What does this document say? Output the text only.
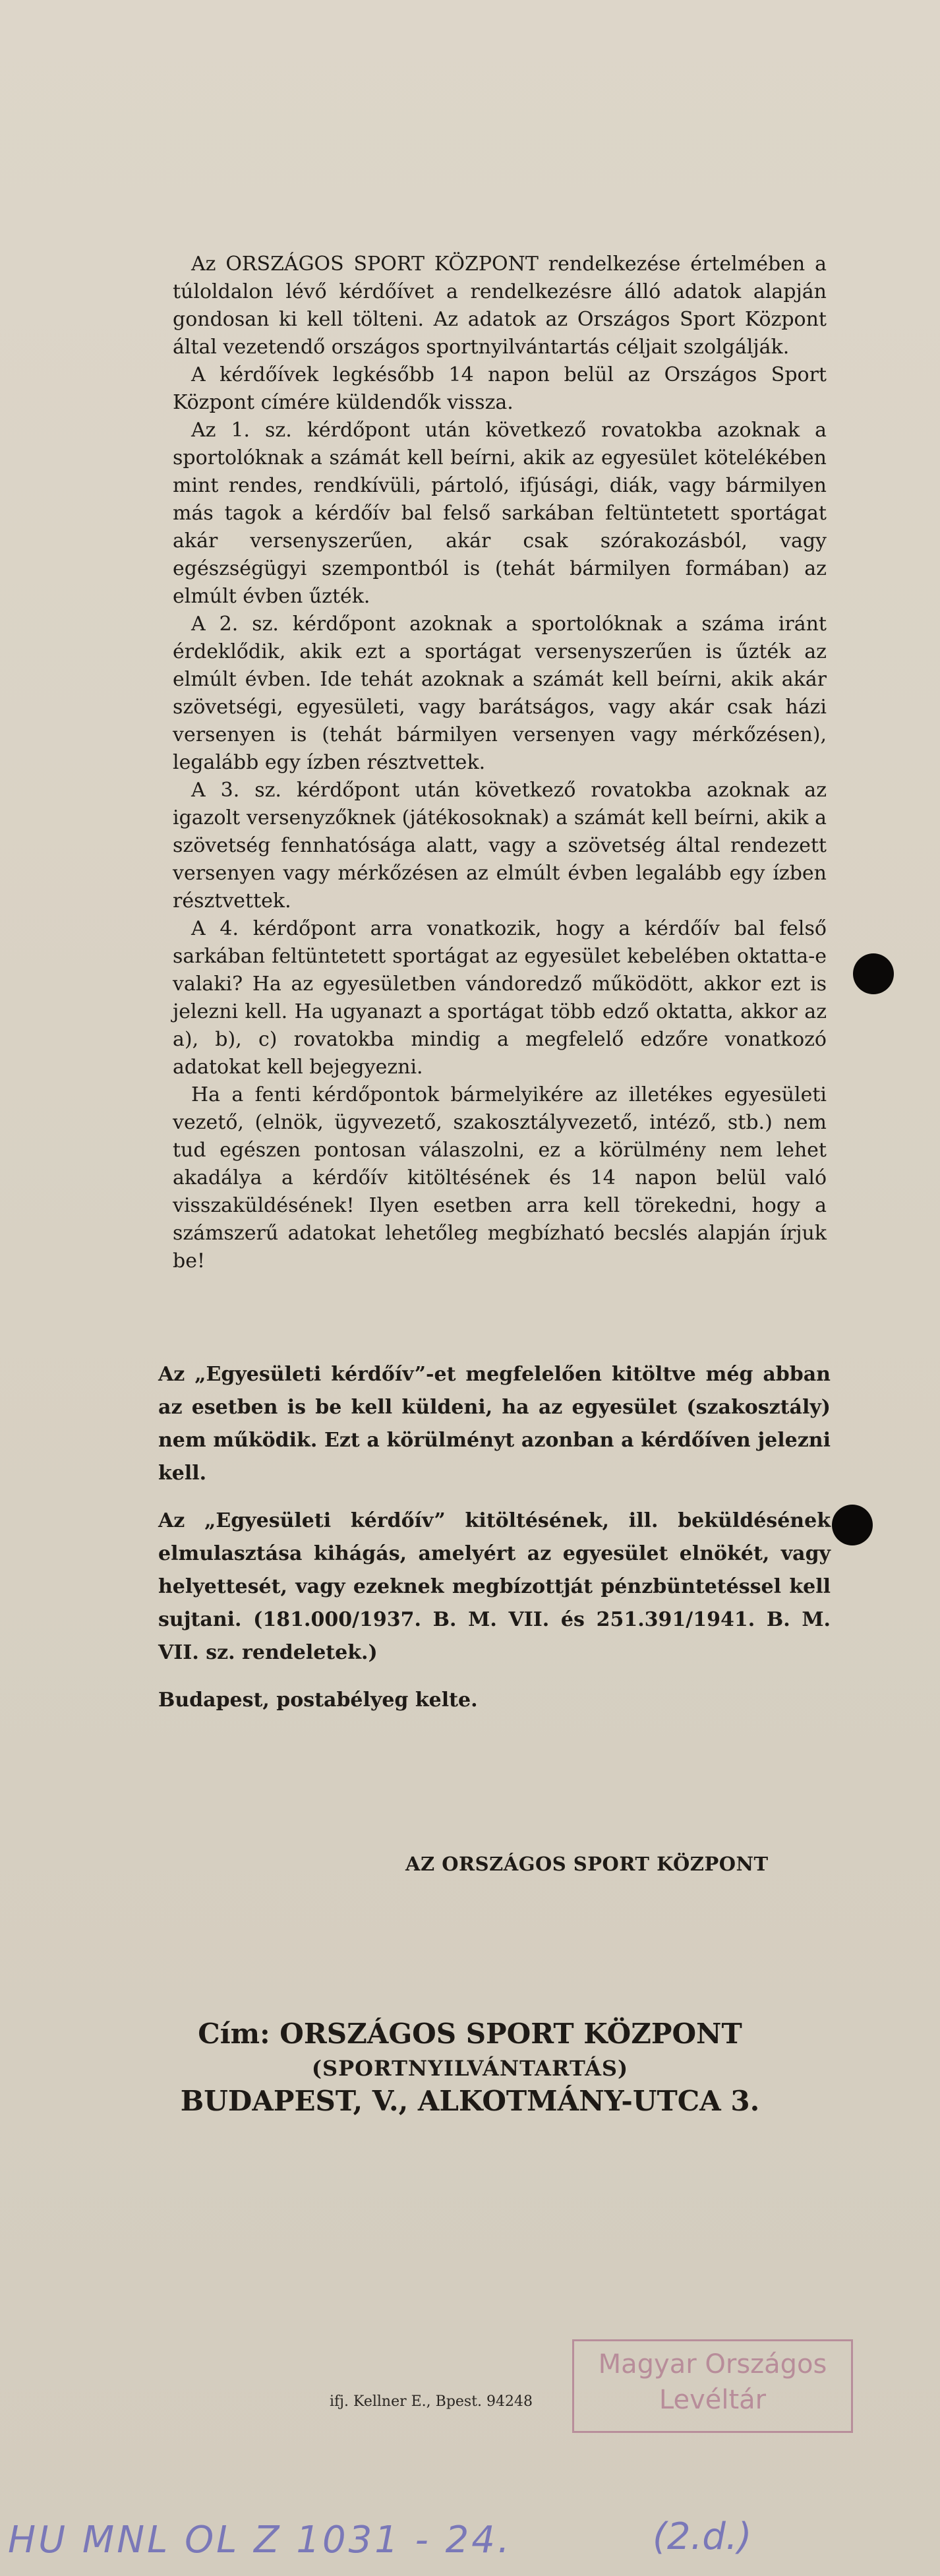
Az ORSZÁGOS SPORT KÖZPONT rendelkezése értelmében a túloldalon lévő kérdőívet a rendelkezésre álló adatok alapján gondosan ki kell tölteni. Az adatok az Országos Sport Központ által vezetendő országos sportnyilvántartás céljait szolgálják.

A kérdőívek legkésőbb 14 napon belül az Országos Sport Központ címére küldendők vissza.

Az 1. sz. kérdőpont után következő rovatokba azoknak a sportolóknak a számát kell beírni, akik az egyesület kötelékében mint rendes, rendkívüli, pártoló, ifjúsági, diák, vagy bármilyen más tagok a kérdőív bal felső sarkában feltüntetett sportágat akár versenyszerűen, akár csak szórakozásból, vagy egészségügyi szempontból is (tehát bármilyen formában) az elmúlt évben űzték.

A 2. sz. kérdőpont azoknak a sportolóknak a száma iránt érdeklődik, akik ezt a sportágat versenyszerűen is űzték az elmúlt évben. Ide tehát azoknak a számát kell beírni, akik akár szövetségi, egyesületi, vagy barátságos, vagy akár csak házi versenyen is (tehát bármilyen versenyen vagy mérkőzésen), legalább egy ízben résztvettek.

A 3. sz. kérdőpont után következő rovatokba azoknak az igazolt versenyzőknek (játékosoknak) a számát kell beírni, akik a szövetség fennhatósága alatt, vagy a szövetség által rendezett versenyen vagy mérkőzésen az elmúlt évben legalább egy ízben résztvettek.

A 4. kérdőpont arra vonatkozik, hogy a kérdőív bal felső sarkában feltüntetett sportágat az egyesület kebelében oktatta-e valaki? Ha az egyesületben vándoredző működött, akkor ezt is jelezni kell. Ha ugyanazt a sportágat több edző oktatta, akkor az a), b), c) rovatokba mindig a megfelelő edzőre vonatkozó adatokat kell bejegyezni.

Ha a fenti kérdőpontok bármelyikére az illetékes egyesületi vezető, (elnök, ügyvezető, szakosztályvezető, intéző, stb.) nem tud egészen pontosan válaszolni, ez a körülmény nem lehet akadálya a kérdőív kitöltésének és 14 napon belül való visszaküldésének! Ilyen esetben arra kell törekedni, hogy a számszerű adatokat lehetőleg megbízható becslés alapján írjuk be!

Az „Egyesületi kérdőív”-et megfelelően kitöltve még abban az esetben is be kell küldeni, ha az egyesület (szakosztály) nem működik. Ezt a körülményt azonban a kérdőíven jelezni kell.

Az „Egyesületi kérdőív” kitöltésének, ill. beküldésének elmulasztása kihágás, amelyért az egyesület elnökét, vagy helyettesét, vagy ezeknek megbízottját pénzbüntetéssel kell sujtani. (181.000/1937. B. M. VII. és 251.391/1941. B. M. VII. sz. rendeletek.)

Budapest, postabélyeg kelte.

AZ ORSZÁGOS SPORT KÖZPONT
Cím: ORSZÁGOS SPORT KÖZPONT
(SPORTNYILVÁNTARTÁS)
BUDAPEST, V., ALKOTMÁNY-UTCA 3.
Magyar Országos
Levéltár
ifj. Kellner E., Bpest. 94248
HU MNL OL Z 1031 - 24.	(2.d.)
